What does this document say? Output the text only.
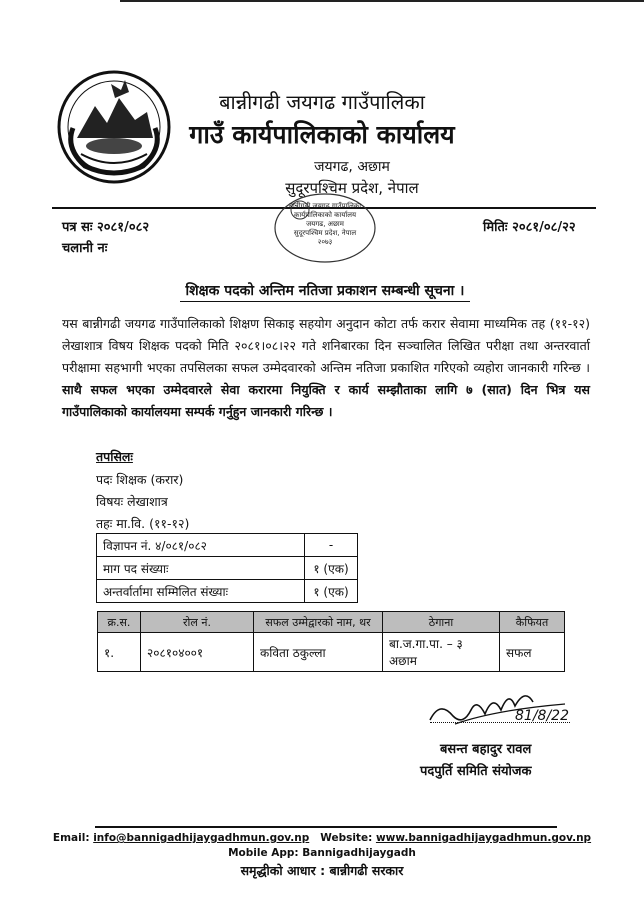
बान्नीगढी जयगढ गाउँपालिका
गाउँ कार्यपालिकाको कार्यालय
जयगढ, अछाम
सुदूरपश्चिम प्रदेश, नेपाल
पत्र सः २०८१/०८२
चलानी नः
मितिः २०८१/०८/२२
बान्नीगढी जयगढ गाउँपालिका
कार्यपालिकाको कार्यालय
जयगढ, अछाम
सुदूरपश्चिम प्रदेश, नेपाल
२०७३
शिक्षक पदको अन्तिम नतिजा प्रकाशन सम्बन्धी सूचना ।
यस बान्नीगढी जयगढ गाउँपालिकाको शिक्षण सिकाइ सहयोग अनुदान कोटा तर्फ करार सेवामा माध्यमिक तह (११-१२) लेखाशात्र विषय शिक्षक पदको मिति २०८१।०८।२२ गते शनिबारका दिन सञ्चालित लिखित परीक्षा तथा अन्तरवार्ता परीक्षामा सहभागी भएका तपसिलका सफल उम्मेदवारको अन्तिम नतिजा प्रकाशित गरिएको व्यहोरा जानकारी गरिन्छ । साथै सफल भएका उम्मेदवारले सेवा करारमा नियुक्ति र कार्य सम्झौताका लागि ७ (सात) दिन भित्र यस गाउँपालिकाको कार्यालयमा सम्पर्क गर्नुहुन जानकारी गरिन्छ ।
तपसिलः
पदः शिक्षक (करार)
विषयः लेखाशात्र
तहः मा.वि. (११-१२)
विज्ञापन नं. ४/०८१/०८२	-
माग पद संख्याः	१ (एक)
अन्तर्वार्तामा सम्मिलित संख्याः	१ (एक)
क्र.स.	रोल नं.	सफल उम्मेद्वारको नाम, थर	ठेगाना	कैफियत
१.	२०८१०४००१	कविता ठकुल्ला	बा.ज.गा.पा. – ३ अछाम	सफल
81/8/22
बसन्त बहादुर रावल
पदपुर्ति समिति संयोजक
Email: info@bannigadhijaygadhmun.gov.np Website: www.bannigadhijaygadhmun.gov.np
Mobile App: Bannigadhijaygadh
समृद्धीको आधार : बान्नीगढी सरकार
